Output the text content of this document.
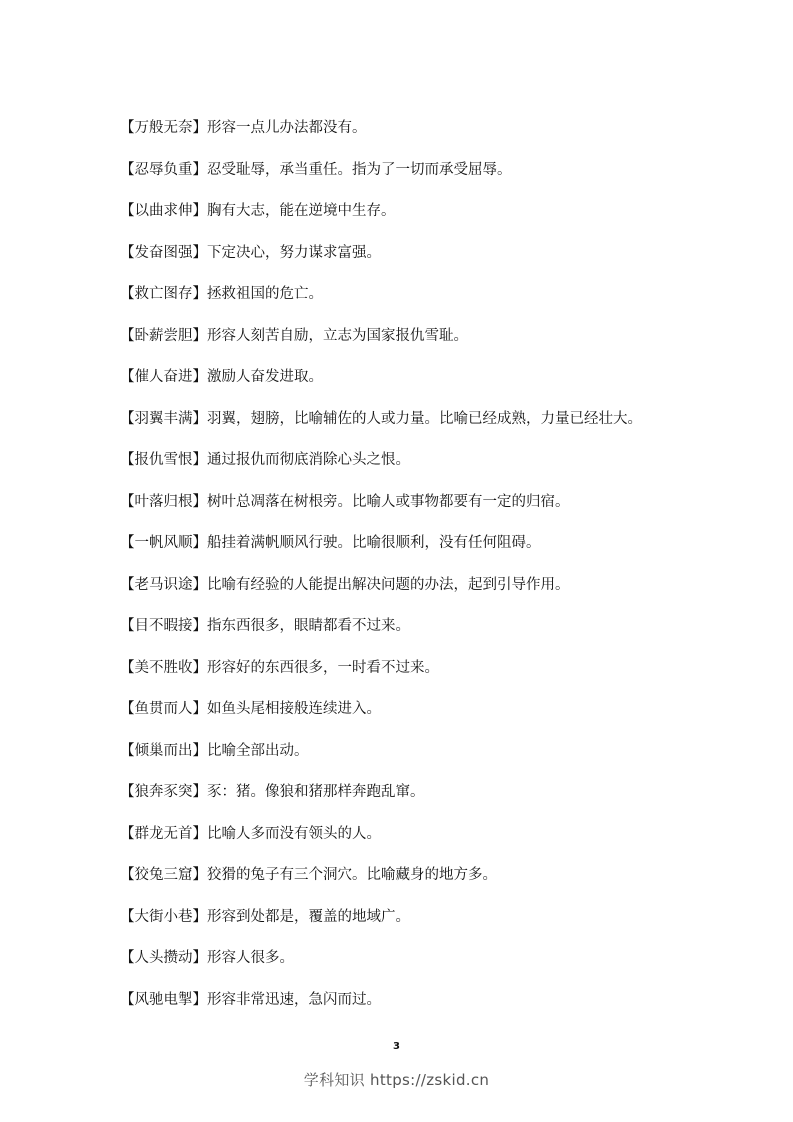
【万般无奈】形容一点儿办法都没有。
【忍辱负重】忍受耻辱，承当重任。指为了一切而承受屈辱。
【以曲求伸】胸有大志，能在逆境中生存。
【发奋图强】下定决心，努力谋求富强。
【救亡图存】拯救祖国的危亡。
【卧薪尝胆】形容人刻苦自励，立志为国家报仇雪耻。
【催人奋进】激励人奋发进取。
【羽翼丰满】羽翼，翅膀，比喻辅佐的人或力量。比喻已经成熟，力量已经壮大。
【报仇雪恨】通过报仇而彻底消除心头之恨。
【叶落归根】树叶总凋落在树根旁。比喻人或事物都要有一定的归宿。
【一帆风顺】船挂着满帆顺风行驶。比喻很顺利，没有任何阻碍。
【老马识途】比喻有经验的人能提出解决问题的办法，起到引导作用。
【目不暇接】指东西很多，眼睛都看不过来。
【美不胜收】形容好的东西很多，一时看不过来。
【鱼贯而人】如鱼头尾相接般连续进入。
【倾巢而出】比喻全部出动。
【狼奔豕突】豕：猪。像狼和猪那样奔跑乱窜。
【群龙无首】比喻人多而没有领头的人。
【狡兔三窟】狡猾的兔子有三个洞穴。比喻藏身的地方多。
【大街小巷】形容到处都是，覆盖的地域广。
【人头攒动】形容人很多。
【风驰电掣】形容非常迅速，急闪而过。
3
学科知识 https://zskid.cn
